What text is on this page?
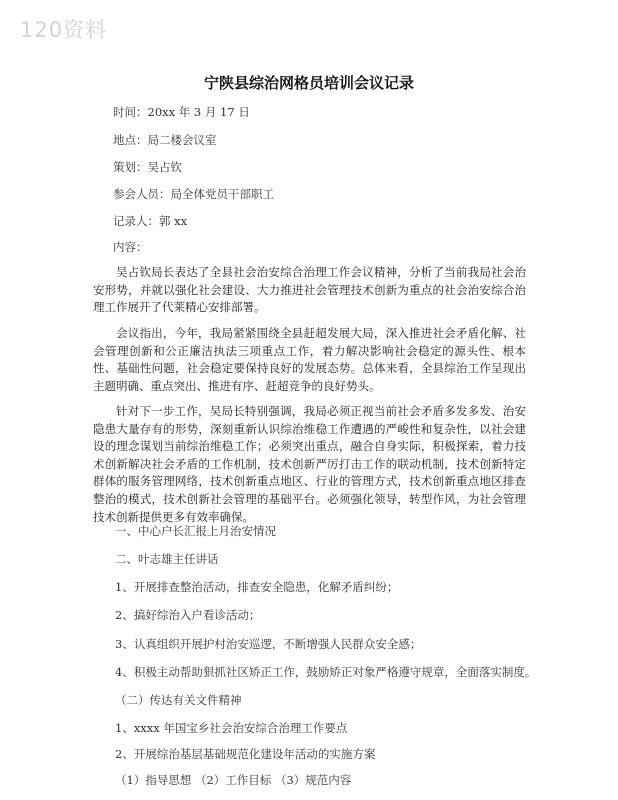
120资料
宁陕县综治网格员培训会议记录
时间：20xx 年 3 月 17 日
地点：局二楼会议室
策划：吴占钦
参会人员：局全体党员干部职工
记录人：郭 xx
内容：
吴占钦局长表达了全县社会治安综合治理工作会议精神，分析了当前我局社会治安形势，并就以强化社会建设、大力推进社会管理技术创新为重点的社会治安综合治理工作展开了代莱精心安排部署。
会议指出，今年，我局紧紧围绕全县赶超发展大局，深入推进社会矛盾化解、社会管理创新和公正廉洁执法三项重点工作，着力解决影响社会稳定的源头性、根本性、基础性问题，社会稳定要保持良好的发展态势。总体来看，全县综治工作呈现出主题明确、重点突出、推进有序、赶超竞争的良好势头。
针对下一步工作，吴局长特别强调，我局必须正视当前社会矛盾多发多发、治安隐患大量存有的形势，深刻重新认识综治维稳工作遭遇的严峻性和复杂性，以社会建设的理念谋划当前综治维稳工作；必须突出重点，融合自身实际，积极探索，着力技术创新解决社会矛盾的工作机制，技术创新严厉打击工作的联动机制，技术创新特定群体的服务管理网络，技术创新重点地区、行业的管理方式，技术创新重点地区排查整治的模式，技术创新社会管理的基础平台。必须强化领导，转型作风，为社会管理技术创新提供更多有效率确保。
一、中心户长汇报上月治安情况
二、叶志雄主任讲话
1、开展排查整治活动，排查安全隐患，化解矛盾纠纷；
2、搞好综治入户看诊活动；
3、认真组织开展护村治安巡逻，不断增强人民群众安全感；
4、积极主动帮助狠抓社区矫正工作，鼓励矫正对象严格遵守规章，全面落实制度。
（二）传达有关文件精神
1、xxxx 年国宝乡社会治安综合治理工作要点
2、开展综治基层基础规范化建设年活动的实施方案
（1）指导思想 （2）工作目标 （3）规范内容
